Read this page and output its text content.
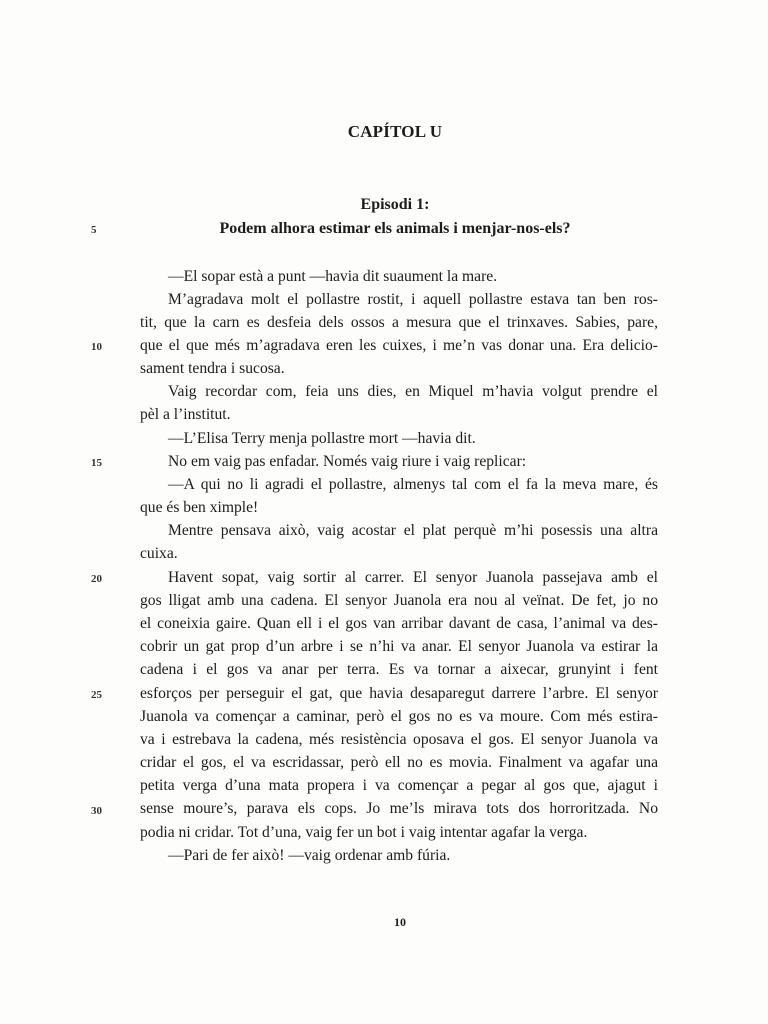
CAPÍTOL U
Episodi 1:
Podem alhora estimar els animals i menjar-nos-els?
5
10
15
20
25
30
—El sopar està a punt —havia dit suaument la mare.
M’agradava molt el pollastre rostit, i aquell pollastre estava tan ben ros-
tit, que la carn es desfeia dels ossos a mesura que el trinxaves. Sabies, pare,
que el que més m’agradava eren les cuixes, i me’n vas donar una. Era delicio-
sament tendra i sucosa.
Vaig recordar com, feia uns dies, en Miquel m’havia volgut prendre el
pèl a l’institut.
—L’Elisa Terry menja pollastre mort —havia dit.
No em vaig pas enfadar. Només vaig riure i vaig replicar:
—A qui no li agradi el pollastre, almenys tal com el fa la meva mare, és
que és ben ximple!
Mentre pensava això, vaig acostar el plat perquè m’hi posessis una altra
cuixa.
Havent sopat, vaig sortir al carrer. El senyor Juanola passejava amb el
gos lligat amb una cadena. El senyor Juanola era nou al veïnat. De fet, jo no
el coneixia gaire. Quan ell i el gos van arribar davant de casa, l’animal va des-
cobrir un gat prop d’un arbre i se n’hi va anar. El senyor Juanola va estirar la
cadena i el gos va anar per terra. Es va tornar a aixecar, grunyint i fent
esforços per perseguir el gat, que havia desaparegut darrere l’arbre. El senyor
Juanola va començar a caminar, però el gos no es va moure. Com més estira-
va i estrebava la cadena, més resistència oposava el gos. El senyor Juanola va
cridar el gos, el va escridassar, però ell no es movia. Finalment va agafar una
petita verga d’una mata propera i va començar a pegar al gos que, ajagut i
sense moure’s, parava els cops. Jo me’ls mirava tots dos horroritzada. No
podia ni cridar. Tot d’una, vaig fer un bot i vaig intentar agafar la verga.
—Pari de fer això! —vaig ordenar amb fúria.
10
